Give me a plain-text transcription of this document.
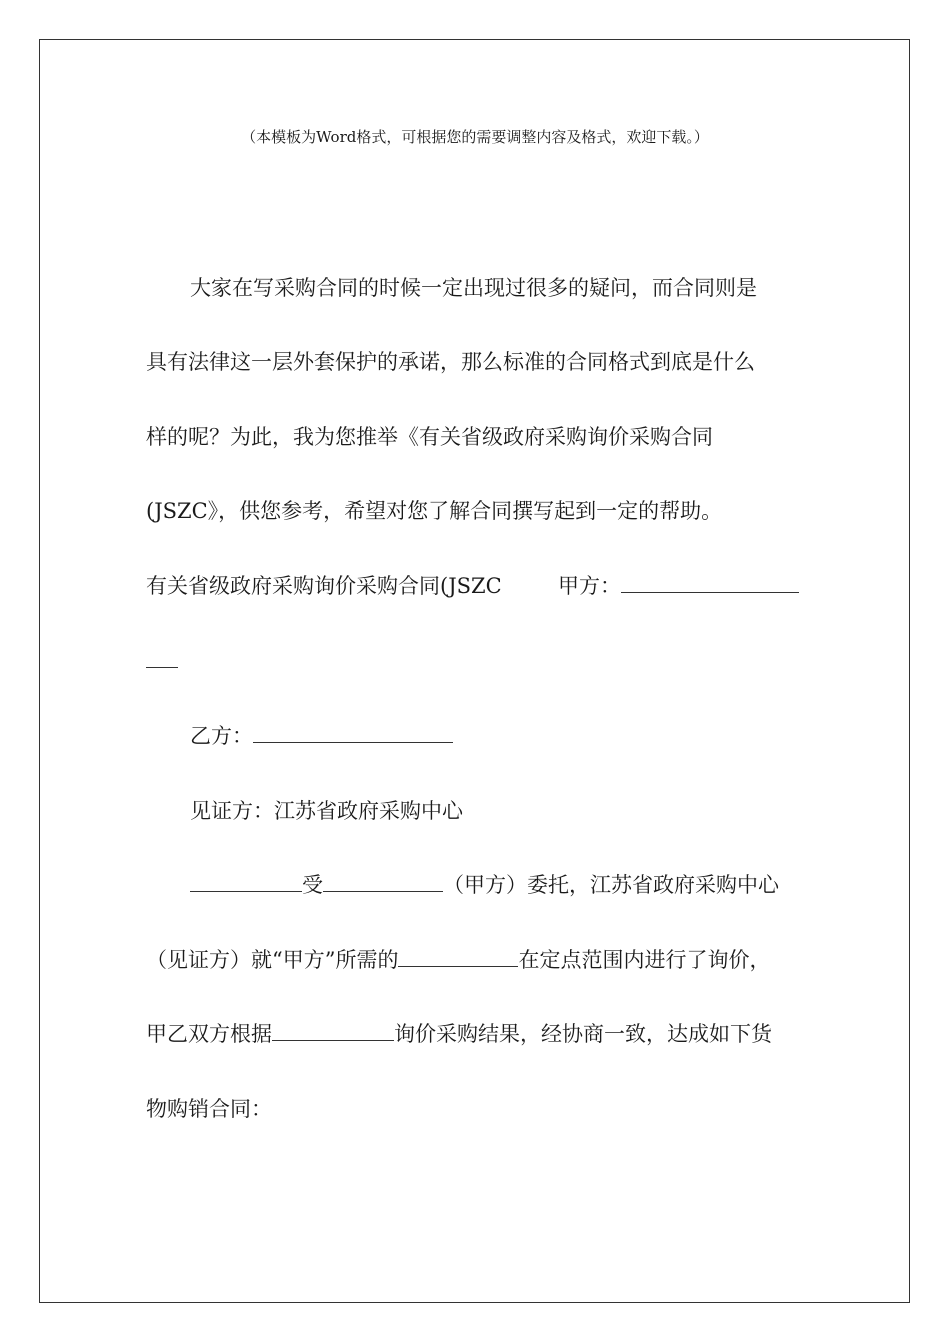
（本模板为Word格式，可根据您的需要调整内容及格式，欢迎下载。）
大家在写采购合同的时候一定出现过很多的疑问，而合同则是
具有法律这一层外套保护的承诺，那么标准的合同格式到底是什么
样的呢？为此，我为您推举《有关省级政府采购询价采购合同
(JSZC》，供您参考，希望对您了解合同撰写起到一定的帮助。
有关省级政府采购询价采购合同(JSZC	甲方：
乙方：
见证方：江苏省政府采购中心
受	（甲方）委托，江苏省政府采购中心
（见证方）就“甲方”所需的	在定点范围内进行了询价，
甲乙双方根据	询价采购结果，经协商一致，达成如下货
物购销合同：
